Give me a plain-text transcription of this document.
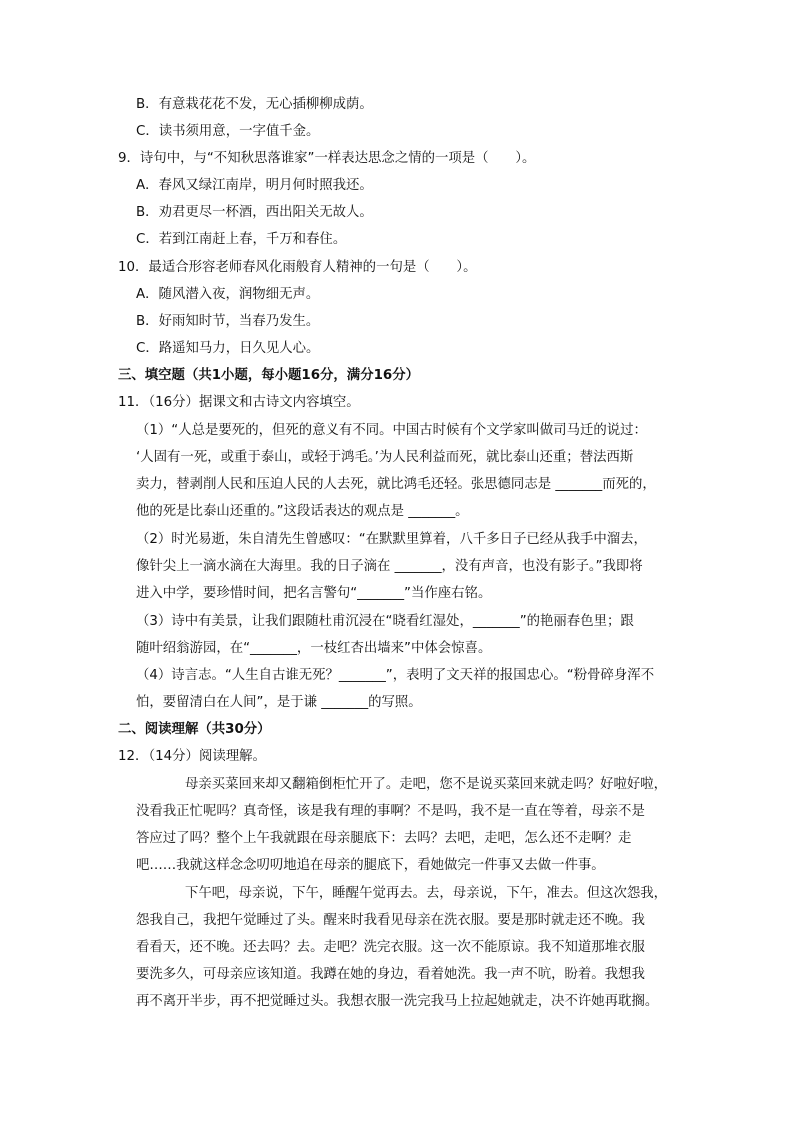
B．有意栽花花不发，无心插柳柳成荫。
C．读书须用意，一字值千金。
9．诗句中，与“不知秋思落谁家”一样表达思念之情的一项是（　　）。
A．春风又绿江南岸，明月何时照我还。
B．劝君更尽一杯酒，西出阳关无故人。
C．若到江南赶上春，千万和春住。
10．最适合形容老师春风化雨般育人精神的一句是（　　）。
A．随风潜入夜，润物细无声。
B．好雨知时节，当春乃发生。
C．路遥知马力，日久见人心。
三、填空题（共1小题，每小题16分，满分16分）
11．（16分）据课文和古诗文内容填空。
（1）“人总是要死的，但死的意义有不同。中国古时候有个文学家叫做司马迁的说过：
‘人固有一死，或重于泰山，或轻于鸿毛。’为人民利益而死，就比泰山还重；替法西斯
卖力，替剥削人民和压迫人民的人去死，就比鸿毛还轻。张思德同志是 _______而死的，
他的死是比泰山还重的。”这段话表达的观点是 _______。
（2）时光易逝，朱自清先生曾感叹：“在默默里算着，八千多日子已经从我手中溜去，
像针尖上一滴水滴在大海里。我的日子滴在 _______，没有声音，也没有影子。”我即将
进入中学，要珍惜时间，把名言警句“_______”当作座右铭。
（3）诗中有美景，让我们跟随杜甫沉浸在“晓看红湿处，_______”的艳丽春色里；跟
随叶绍翁游园，在“_______，一枝红杏出墙来”中体会惊喜。
（4）诗言志。“人生自古谁无死？_______”，表明了文天祥的报国忠心。“粉骨碎身浑不
怕，要留清白在人间”，是于谦 _______的写照。
二、阅读理解（共30分）
12．（14分）阅读理解。
母亲买菜回来却又翻箱倒柜忙开了。走吧，您不是说买菜回来就走吗？好啦好啦，
没看我正忙呢吗？真奇怪，该是我有理的事啊？不是吗，我不是一直在等着，母亲不是
答应过了吗？整个上午我就跟在母亲腿底下：去吗？去吧，走吧，怎么还不走啊？走
吧……我就这样念念叨叨地追在母亲的腿底下，看她做完一件事又去做一件事。
下午吧，母亲说，下午，睡醒午觉再去。去，母亲说，下午，准去。但这次怨我，
怨我自己，我把午觉睡过了头。醒来时我看见母亲在洗衣服。要是那时就走还不晚。我
看看天，还不晚。还去吗？去。走吧？洗完衣服。这一次不能原谅。我不知道那堆衣服
要洗多久，可母亲应该知道。我蹲在她的身边，看着她洗。我一声不吭，盼着。我想我
再不离开半步，再不把觉睡过头。我想衣服一洗完我马上拉起她就走，决不许她再耽搁。
